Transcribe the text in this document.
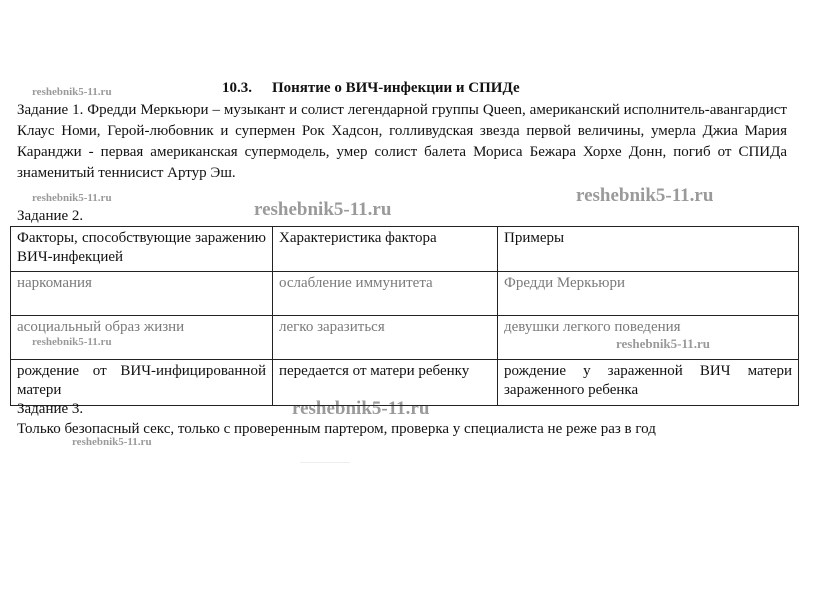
reshebnik5-11.ru
reshebnik5-11.ru
reshebnik5-11.ru
reshebnik5-11.ru
reshebnik5-11.ru	reshebnik5-11.ru
reshebnik5-11.ru
reshebnik5-11.ru
10.3. Понятие о ВИЧ-инфекции и СПИДе
Задание 1. Фредди Меркьюри – музыкант и солист легендарной группы Queen, американский исполнитель-авангардист Клаус Номи, Герой-любовник и супермен Рок Хадсон, голливудская звезда первой величины, умерла Джиа Мария Каранджи - первая американская супермодель, умер солист балета Мориса Бежара Хорхе Донн, погиб от СПИДа знаменитый теннисист Артур Эш.
Задание 2.
Факторы, способствующие заражению ВИЧ-инфекцией	Характеристика фактора	Примеры
наркомания	ослабление иммунитета	Фредди Меркьюри
асоциальный образ жизни	легко заразиться	девушки легкого поведения
рождение от ВИЧ-инфицированной матери	передается от матери ребенку	рождение у зараженной ВИЧ матери зараженного ребенка
Задание 3.
Только безопасный секс, только с проверенным партером, проверка у специалиста не реже раз в год
